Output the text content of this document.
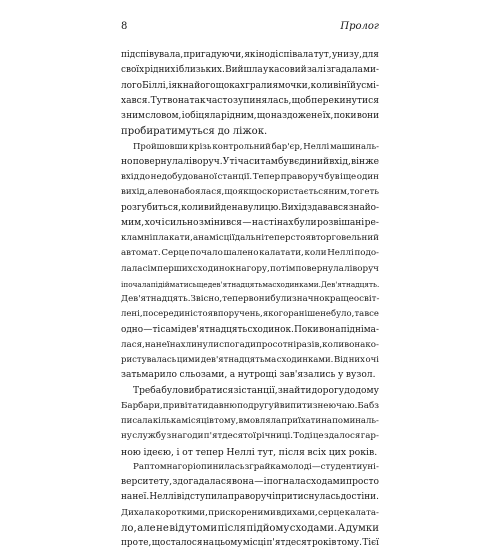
8	Пролог
підспівувала, пригадуючи, як іноді співала тут, унизу, для
своїх рідних і близьких. Вийшла у касовий зал і згадала ми-
лого Біллі, і як на його щоках грали ямочки, коли він їй усмі-
хався. Тут вона так часто зупинялась, щоб перекинутися
з ним словом, і обіцяла рідним, що наздожене їх, поки вони
пробиратимуться до ліжок.
Пройшовши крізь контрольний бар'єр, Неллі машиналь-
но повернула ліворуч. У ті часи там був єдиний вхід, він же
вхід до недобудованої станції. Тепер праворуч був іще один
вихід, але вона боялася, що якщо скористається ним, то геть
розгубиться, коли вийде на вулицю. Вихід здавався знайо-
мим, хоч і сильно змінився — на стінах були розвішані ре-
кламні плакати, а на місці їдальні тепер стояв торговельний
автомат. Серце почало шалено калатати, коли Неллі подо-
лала сім перших сходинок нагору, потім повернула ліворуч
і почала підійматись ще дев'ятнадцятьма сходинками. Дев'ятнадцять.
Дев'ятнадцять. Звісно, тепер вони були значно краще освіт-
лені, посередині стояв поручень, якого раніше не було, та все
одно — ті самі дев'ятнадцять сходинок. Поки вона підніма-
лася, на неї нахлинули спогади про сотні разів, коли вона ко-
ристувалась цими дев'ятнадцятьма сходинками. Від них очі
затьмарило сльозами, а нутрощі зав'язались у вузол.
Треба було вибратися зі станції, знайти дорогу до дому
Барбари, привітати давню подругу й випити з нею чаю. Бабз
писала кілька місяців тому, вмовляла приїхати на поминаль-
ну службу з нагоди п'ятдесятої річниці. Тоді це здалося гар-
ною ідеєю, і от тепер Неллі тут, після всіх цих років.
Раптом нагорі опинилась зграйка молоді — студенти уні-
верситету, здогадалася вона — і погнала сходами просто
на неї. Неллі відступила праворуч і притиснулась до стіни.
Дихала короткими, прискореними вдихами, серце калата-
ло, але не від утоми після підйому сходами. А думки
про те, що сталося на цьому місці п'ятдесят років тому. Тієї
